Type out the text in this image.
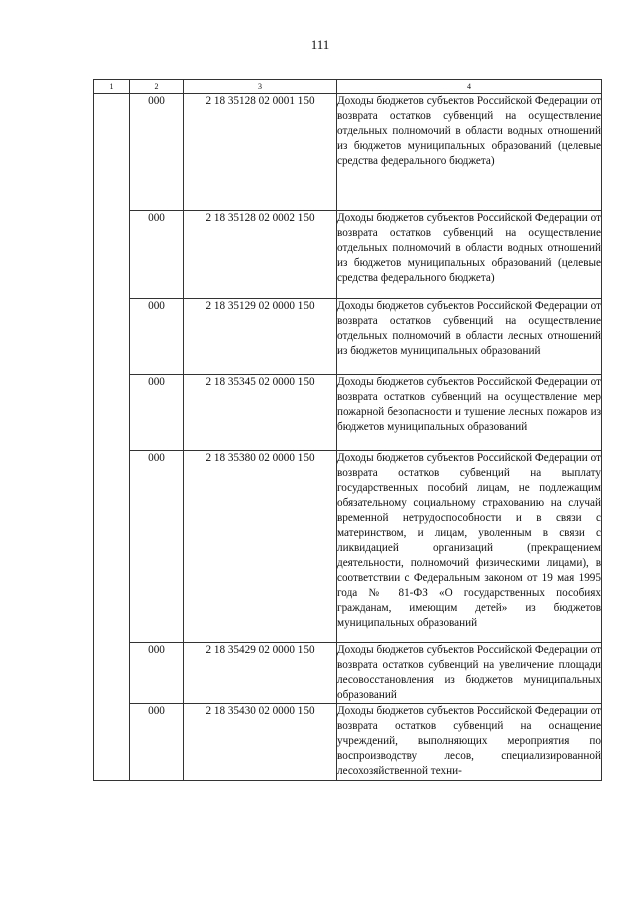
111
1	2	3	4
	000	2 18 35128 02 0001 150	Доходы бюджетов субъектов Российской Федерации от возврата остатков субвенций на осуществление отдельных полномочий в области водных отношений из бюджетов муниципальных образований (целевые средства федерального бюджета)
	000	2 18 35128 02 0002 150	Доходы бюджетов субъектов Российской Федерации от возврата остатков субвенций на осуществление отдельных полномочий в области водных отношений из бюджетов муниципальных образований (целевые средства федерального бюджета)
	000	2 18 35129 02 0000 150	Доходы бюджетов субъектов Российской Федерации от возврата остатков субвенций на осуществление отдельных полномочий в области лесных отношений из бюджетов муниципальных образований
	000	2 18 35345 02 0000 150	Доходы бюджетов субъектов Российской Федерации от возврата остатков субвенций на осуществление мер пожарной безопасности и тушение лесных пожаров из бюджетов муниципальных образований
	000	2 18 35380 02 0000 150	Доходы бюджетов субъектов Российской Федерации от возврата остатков субвенций на выплату государственных пособий лицам, не подлежащим обязательному социальному страхованию на случай временной нетрудоспособности и в связи с материнством, и лицам, уволенным в связи с ликвидацией организаций (прекращением деятельности, полномочий физическими лицами), в соответствии с Федеральным законом от 19 мая 1995 года № 81-ФЗ «О государственных пособиях гражданам, имеющим детей» из бюджетов муниципальных образований
	000	2 18 35429 02 0000 150	Доходы бюджетов субъектов Российской Федерации от возврата остатков субвенций на увеличение площади лесовосстановления из бюджетов муниципальных образований
	000	2 18 35430 02 0000 150	Доходы бюджетов субъектов Российской Федерации от возврата остатков субвенций на оснащение учреждений, выполняющих мероприятия по воспроизводству лесов, специализированной лесохозяйственной техни-
